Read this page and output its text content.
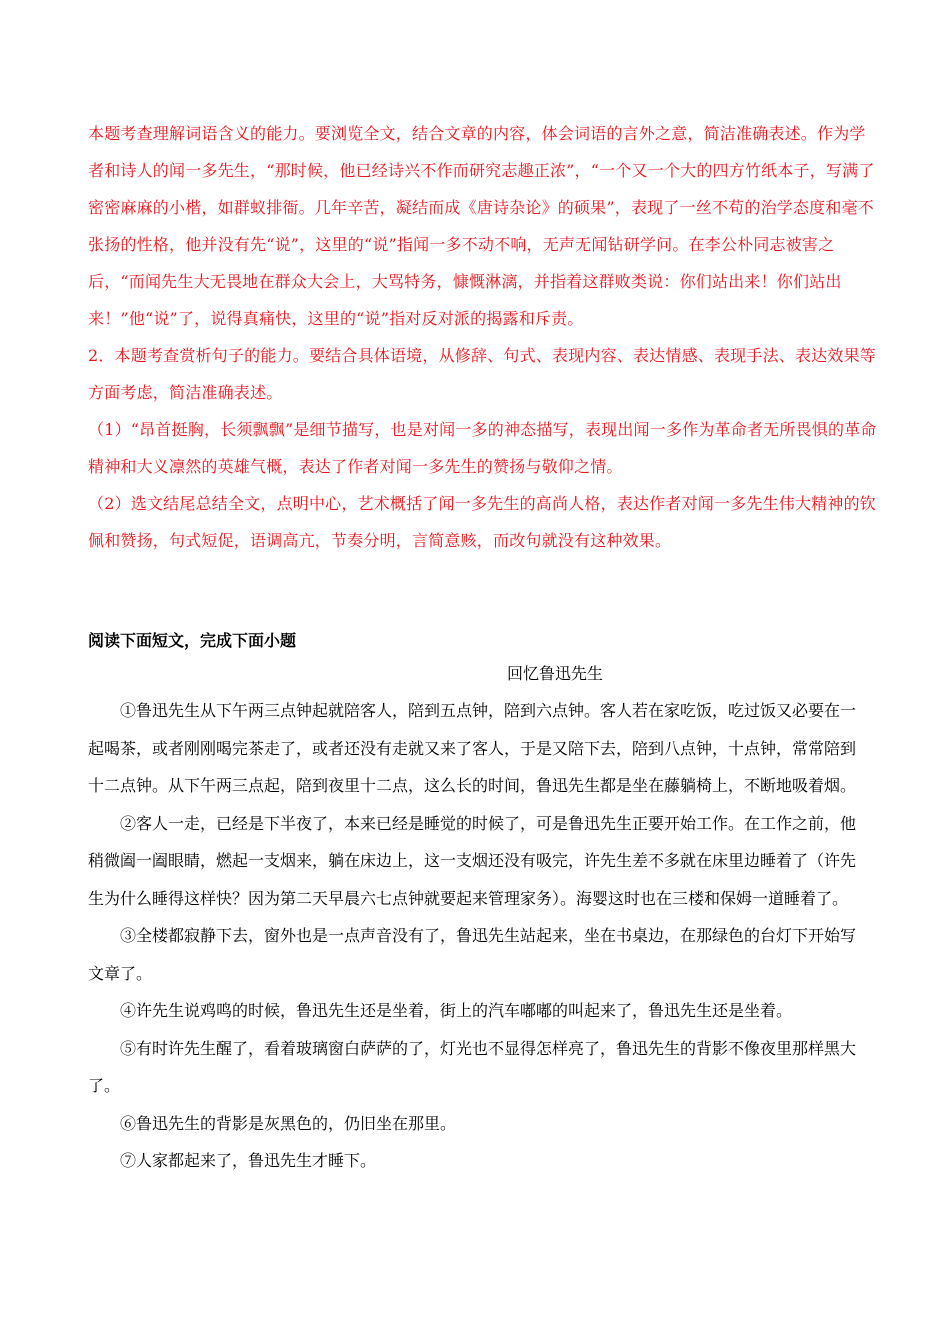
本题考查理解词语含义的能力。要浏览全文，结合文章的内容，体会词语的言外之意，简洁准确表述。作为学者和诗人的闻一多先生，“那时候，他已经诗兴不作而研究志趣正浓”，“一个又一个大的四方竹纸本子，写满了密密麻麻的小楷，如群蚁排衙。几年辛苦，凝结而成《唐诗杂论》的硕果”，表现了一丝不苟的治学态度和毫不张扬的性格，他并没有先“说”，这里的“说”指闻一多不动不响，无声无闻钻研学问。在李公朴同志被害之后，“而闻先生大无畏地在群众大会上，大骂特务，慷慨淋漓，并指着这群败类说：你们站出来！你们站出来！”他“说”了，说得真痛快，这里的“说”指对反对派的揭露和斥责。

2．本题考查赏析句子的能力。要结合具体语境，从修辞、句式、表现内容、表达情感、表现手法、表达效果等方面考虑，简洁准确表述。

（1）“昂首挺胸，长须飘飘”是细节描写，也是对闻一多的神态描写，表现出闻一多作为革命者无所畏惧的革命精神和大义凛然的英雄气概，表达了作者对闻一多先生的赞扬与敬仰之情。

（2）选文结尾总结全文，点明中心，艺术概括了闻一多先生的高尚人格，表达作者对闻一多先生伟大精神的钦佩和赞扬，句式短促，语调高亢，节奏分明，言简意赅，而改句就没有这种效果。

阅读下面短文，完成下面小题
回忆鲁迅先生

①鲁迅先生从下午两三点钟起就陪客人，陪到五点钟，陪到六点钟。客人若在家吃饭，吃过饭又必要在一起喝茶，或者刚刚喝完茶走了，或者还没有走就又来了客人，于是又陪下去，陪到八点钟，十点钟，常常陪到十二点钟。从下午两三点起，陪到夜里十二点，这么长的时间，鲁迅先生都是坐在藤躺椅上，不断地吸着烟。

②客人一走，已经是下半夜了，本来已经是睡觉的时候了，可是鲁迅先生正要开始工作。在工作之前，他稍微阖一阖眼睛，燃起一支烟来，躺在床边上，这一支烟还没有吸完，许先生差不多就在床里边睡着了（许先生为什么睡得这样快？因为第二天早晨六七点钟就要起来管理家务）。海婴这时也在三楼和保姆一道睡着了。

③全楼都寂静下去，窗外也是一点声音没有了，鲁迅先生站起来，坐在书桌边，在那绿色的台灯下开始写文章了。

④许先生说鸡鸣的时候，鲁迅先生还是坐着，街上的汽车嘟嘟的叫起来了，鲁迅先生还是坐着。

⑤有时许先生醒了，看着玻璃窗白萨萨的了，灯光也不显得怎样亮了，鲁迅先生的背影不像夜里那样黑大了。

⑥鲁迅先生的背影是灰黑色的，仍旧坐在那里。

⑦人家都起来了，鲁迅先生才睡下。
